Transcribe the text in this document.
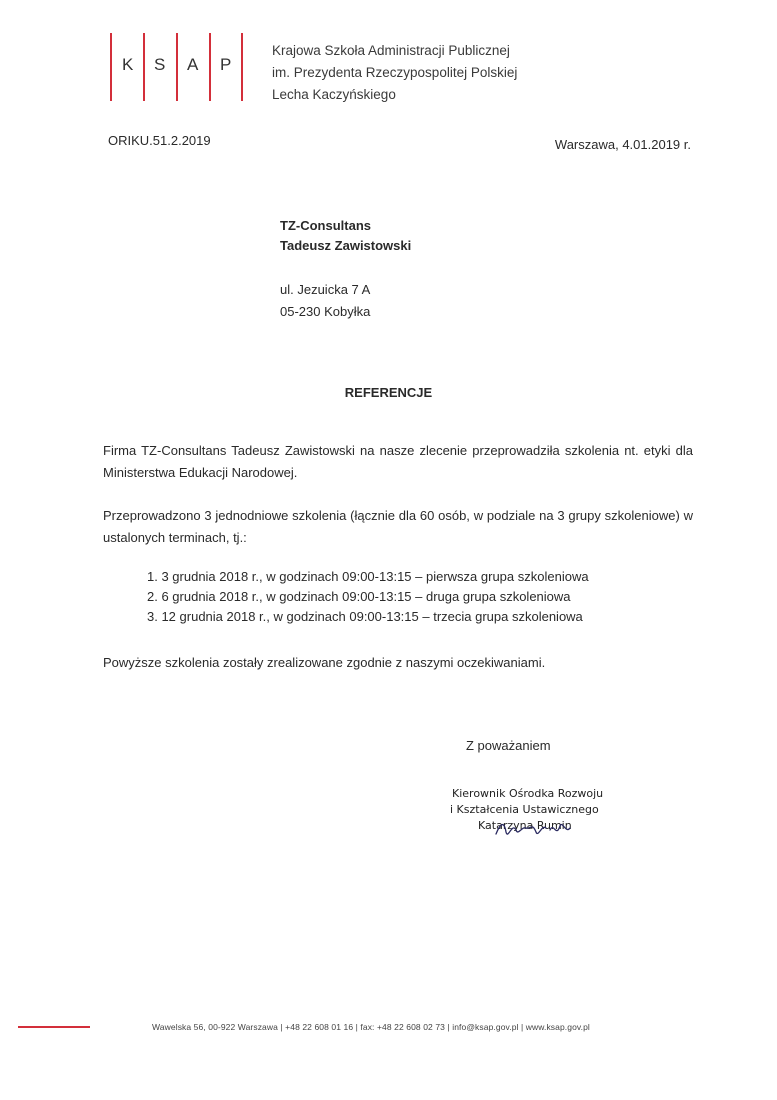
K S A P
Krajowa Szkoła Administracji Publicznej
im. Prezydenta Rzeczypospolitej Polskiej
Lecha Kaczyńskiego
ORIKU.51.2.2019	Warszawa, 4.01.2019 r.
TZ-Consultans
Tadeusz Zawistowski
ul. Jezuicka 7 A
05-230 Kobyłka
REFERENCJE
Firma TZ-Consultans Tadeusz Zawistowski na nasze zlecenie przeprowadziła szkolenia nt. etyki dla Ministerstwa Edukacji Narodowej.
Przeprowadzono 3 jednodniowe szkolenia (łącznie dla 60 osób, w podziale na 3 grupy szkoleniowe) w ustalonych terminach, tj.:
1. 3 grudnia 2018 r., w godzinach 09:00-13:15 – pierwsza grupa szkoleniowa
2. 6 grudnia 2018 r., w godzinach 09:00-13:15 – druga grupa szkoleniowa
3. 12 grudnia 2018 r., w godzinach 09:00-13:15 – trzecia grupa szkoleniowa
Powyższe szkolenia zostały zrealizowane zgodnie z naszymi oczekiwaniami.
Z poważaniem
Kierownik Ośrodka Rozwoju
i Kształcenia Ustawicznego
Katarzyna Rumin
Wawelska 56, 00-922 Warszawa | +48 22 608 01 16 | fax: +48 22 608 02 73 | info@ksap.gov.pl | www.ksap.gov.pl
